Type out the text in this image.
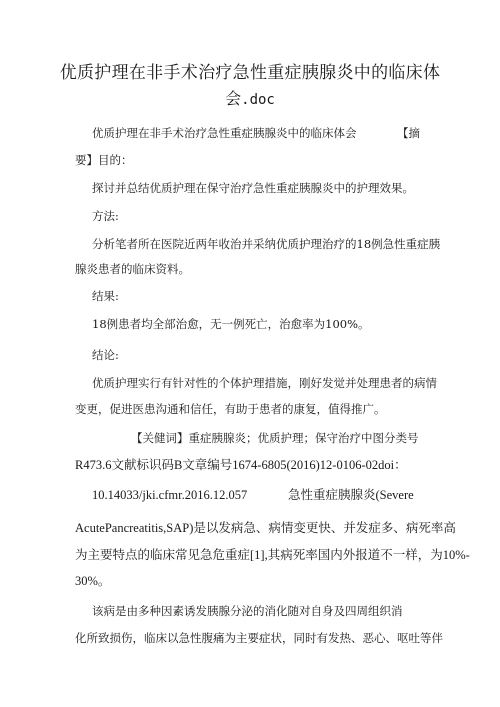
优质护理在非手术治疗急性重症胰腺炎中的临床体
会.doc
优质护理在非手术治疗急性重症胰腺炎中的临床体会	【摘
要】目的：
探讨并总结优质护理在保守治疗急性重症胰腺炎中的护理效果。
方法:
分析笔者所在医院近两年收治并采纳优质护理治疗的18例急性重症胰
腺炎患者的临床资料。
结果:
18例患者均全部治愈，无一例死亡，治愈率为100%。
结论:
优质护理实行有针对性的个体护理措施，刚好发觉并处理患者的病情
变更，促进医患沟通和信任，有助于患者的康复，值得推广。
【关健词】重症胰腺炎；优质护理；保守治疗中图分类号
R473.6文献标识码B文章编号1674-6805(2016)12-0106-02doi：
10.14033/jki.cfmr.2016.12.057	急性重症胰腺炎(Severe
AcutePancreatitis,SAP)是以发病急、病情变更快、并发症多、病死率高
为主要特点的临床常见急危重症[1],其病死率国内外报道不一样，为10%-
30%。
该病是由多种因素诱发胰腺分泌的消化随对自身及四周组织消
化所致损伤，临床以急性腹痛为主要症状，同时有发热、恶心、呕吐等伴
